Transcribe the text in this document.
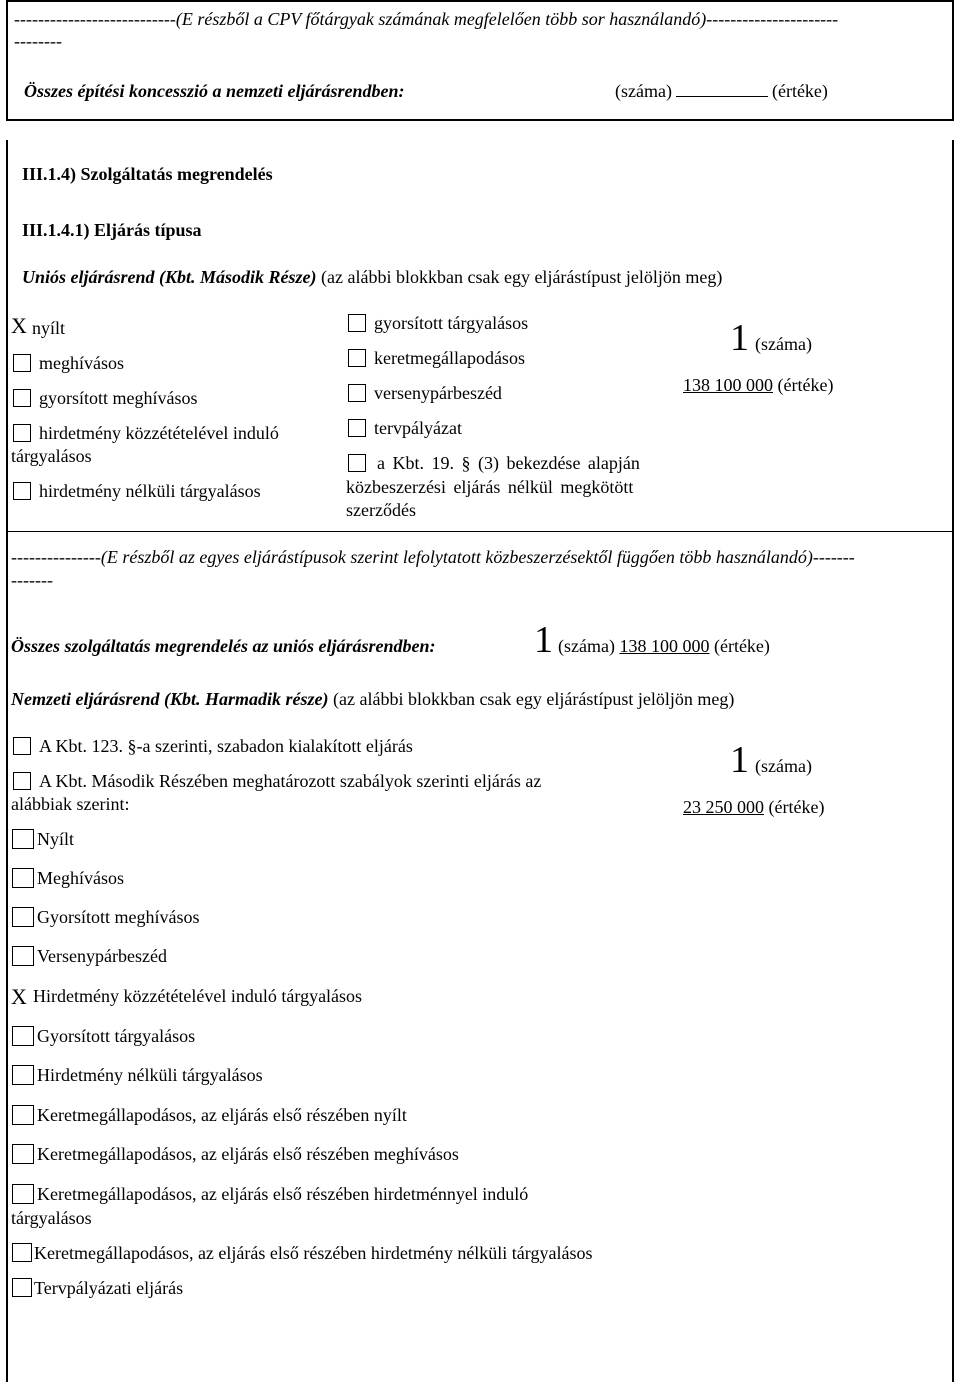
---------------------------(E részből a CPV főtárgyak számának megfelelően több sor használandó)----------------------
--------
Összes építési koncesszió a nemzeti eljárásrendben:	(száma)	(értéke)
III.1.4) Szolgáltatás megrendelés
III.1.4.1) Eljárás típusa
Uniós eljárásrend (Kbt. Második Része) (az alábbi blokkban csak egy eljárástípust jelöljön meg)
X nyílt
meghívásos
gyorsított meghívásos
hirdetmény közzétételével induló
tárgyalásos
hirdetmény nélküli tárgyalásos
gyorsított tárgyalásos
keretmegállapodásos
versenypárbeszéd
tervpályázat
a Kbt. 19. § (3) bekezdése alapján
közbeszerzési eljárás nélkül megkötött
szerződés
1 (száma)
138 100 000 (értéke)
---------------(E részből az egyes eljárástípusok szerint lefolytatott közbeszerzésektől függően több használandó)-------
-------
Összes szolgáltatás megrendelés az uniós eljárásrendben:	1 (száma) 138 100 000 (értéke)
Nemzeti eljárásrend (Kbt. Harmadik része) (az alábbi blokkban csak egy eljárástípust jelöljön meg)
A Kbt. 123. §-a szerinti, szabadon kialakított eljárás
A Kbt. Második Részében meghatározott szabályok szerinti eljárás az
alábbiak szerint:
1 (száma)
23 250 000 (értéke)
Nyílt
Meghívásos
Gyorsított meghívásos
Versenypárbeszéd
X Hirdetmény közzétételével induló tárgyalásos
Gyorsított tárgyalásos
Hirdetmény nélküli tárgyalásos
Keretmegállapodásos, az eljárás első részében nyílt
Keretmegállapodásos, az eljárás első részében meghívásos
Keretmegállapodásos, az eljárás első részében hirdetménnyel induló
tárgyalásos
Keretmegállapodásos, az eljárás első részében hirdetmény nélküli tárgyalásos
Tervpályázati eljárás
